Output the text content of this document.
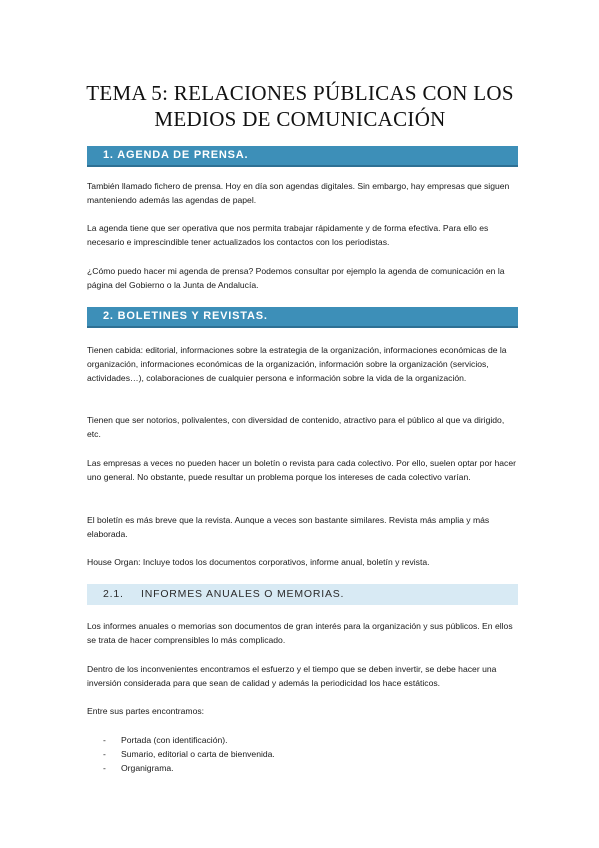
TEMA 5: RELACIONES PÚBLICAS CON LOS
MEDIOS DE COMUNICACIÓN
1. AGENDA DE PRENSA.
También llamado fichero de prensa. Hoy en día son agendas digitales. Sin embargo, hay empresas que siguen manteniendo además las agendas de papel.
La agenda tiene que ser operativa que nos permita trabajar rápidamente y de forma efectiva. Para ello es necesario e imprescindible tener actualizados los contactos con los periodistas.
¿Cómo puedo hacer mi agenda de prensa? Podemos consultar por ejemplo la agenda de comunicación en la página del Gobierno o la Junta de Andalucía.
2. BOLETINES Y REVISTAS.
Tienen cabida: editorial, informaciones sobre la estrategia de la organización, informaciones económicas de la organización, informaciones económicas de la organización, información sobre la organización (servicios, actividades…), colaboraciones de cualquier persona e información sobre la vida de la organización.
Tienen que ser notorios, polivalentes, con diversidad de contenido, atractivo para el público al que va dirigido, etc.
Las empresas a veces no pueden hacer un boletín o revista para cada colectivo. Por ello, suelen optar por hacer uno general. No obstante, puede resultar un problema porque los intereses de cada colectivo varían.
El boletín es más breve que la revista. Aunque a veces son bastante similares. Revista más amplia y más elaborada.
House Organ: Incluye todos los documentos corporativos, informe anual, boletín y revista.
2.1. INFORMES ANUALES O MEMORIAS.
Los informes anuales o memorias son documentos de gran interés para la organización y sus públicos. En ellos se trata de hacer comprensibles lo más complicado.
Dentro de los inconvenientes encontramos el esfuerzo y el tiempo que se deben invertir, se debe hacer una inversión considerada para que sean de calidad y además la periodicidad los hace estáticos.
Entre sus partes encontramos:
- Portada (con identificación).
- Sumario, editorial o carta de bienvenida.
- Organigrama.
